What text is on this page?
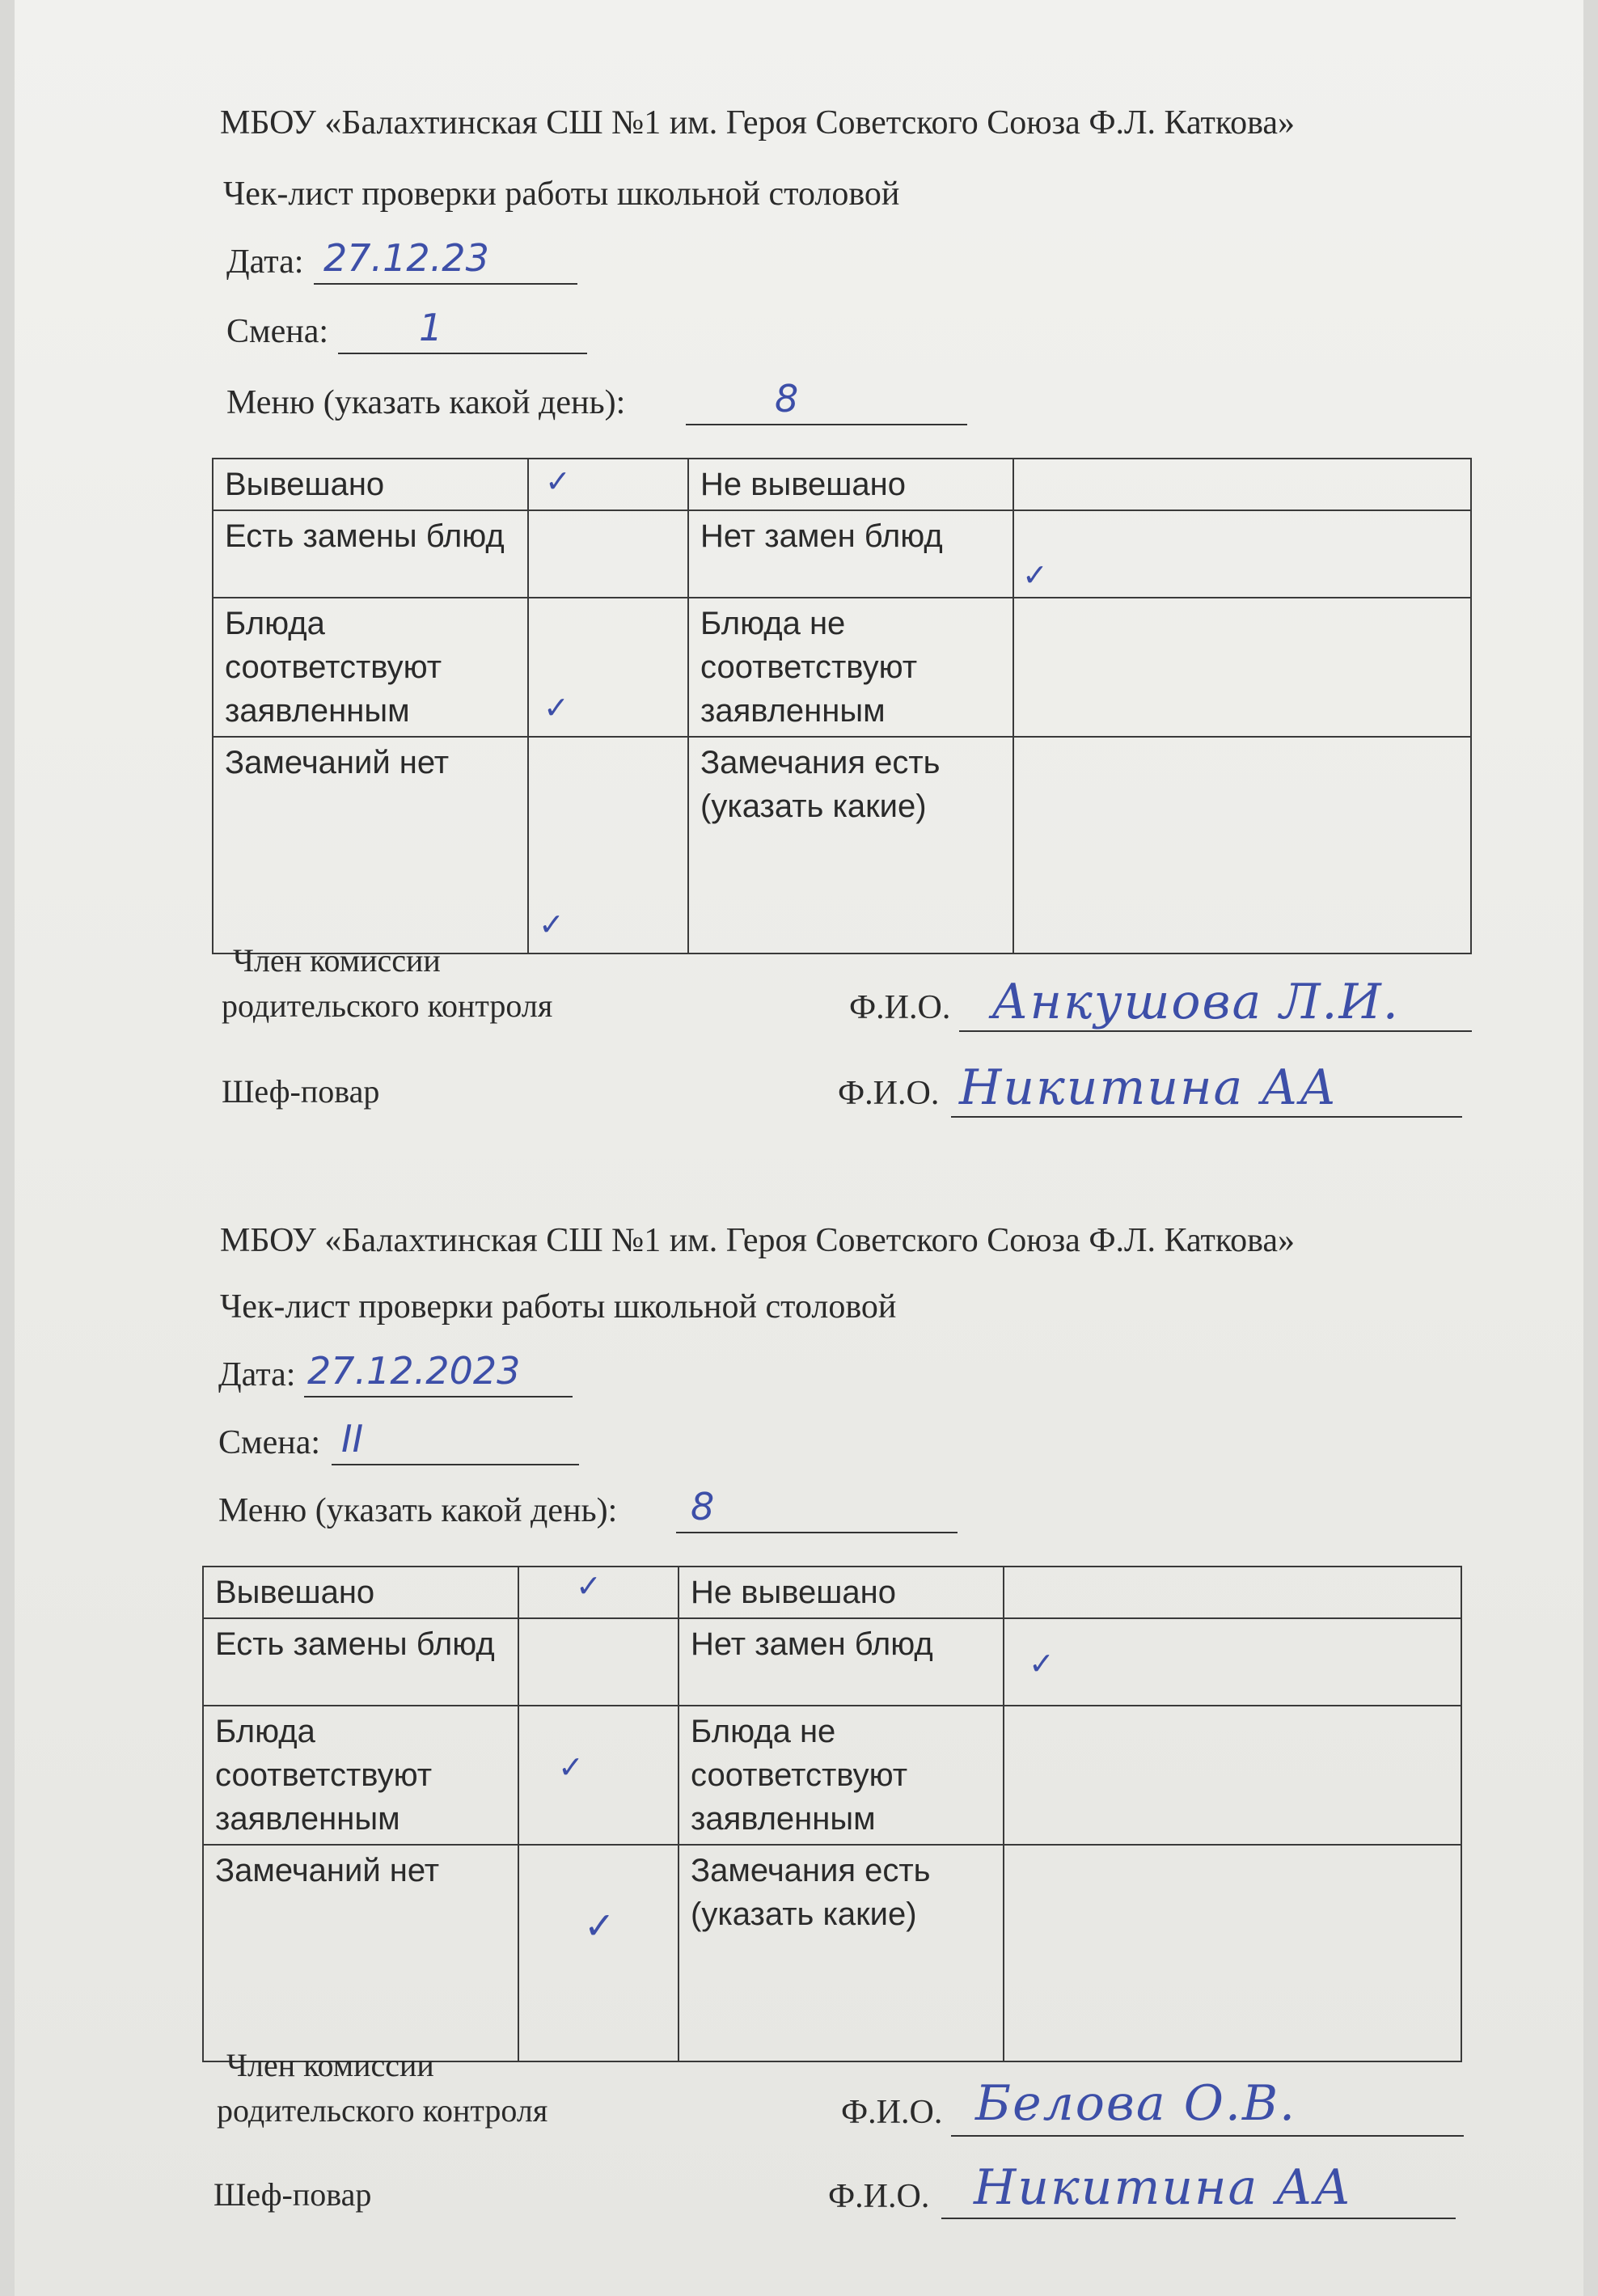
МБОУ «Балахтинская СШ №1 им. Героя Советского Союза Ф.Л. Каткова»
Чек-лист проверки работы школьной столовой
Дата: 27.12.23
Смена: 1
Меню (указать какой день):	8
Вывешано	✓	Не вывешано	
Есть замены блюд		Нет замен блюд	✓

Блюда соответствуют заявленным	✓	Блюда не соответствуют заявленным	
Замечаний нет	✓	Замечания есть (указать какие)	
Член комиссии
родительского контроля	Ф.И.О. Анкушова Л.И.
Шеф-повар	Ф.И.О. Никитина АА
МБОУ «Балахтинская СШ №1 им. Героя Советского Союза Ф.Л. Каткова»
Чек-лист проверки работы школьной столовой
Дата: 27.12.2023
Смена: II
Меню (указать какой день): 8
Вывешано	✓	Не вывешано	
Есть замены блюд		Нет замен блюд	✓

Блюда соответствуют заявленным	✓	Блюда не соответствуют заявленным	
Замечаний нет	✓	Замечания есть (указать какие)	
Член комиссии
родительского контроля	Ф.И.О. Белова О.В.
Шеф-повар	Ф.И.О. Никитина АА
